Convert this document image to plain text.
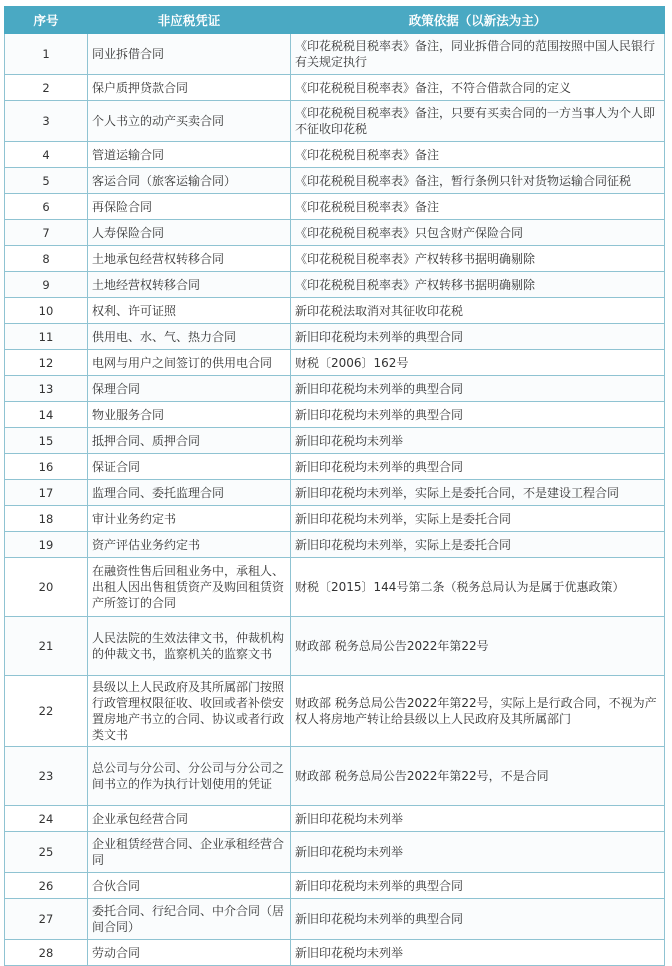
序号	非应税凭证	政策依据（以新法为主）
1	同业拆借合同	《印花税税目税率表》备注，同业拆借合同的范围按照中国人民银行有关规定执行
2	保户质押贷款合同	《印花税税目税率表》备注，不符合借款合同的定义
3	个人书立的动产买卖合同	《印花税税目税率表》备注，只要有买卖合同的一方当事人为个人即不征收印花税
4	管道运输合同	《印花税税目税率表》备注
5	客运合同（旅客运输合同）	《印花税税目税率表》备注，暂行条例只针对货物运输合同征税
6	再保险合同	《印花税税目税率表》备注
7	人寿保险合同	《印花税税目税率表》只包含财产保险合同
8	土地承包经营权转移合同	《印花税税目税率表》产权转移书据明确剔除
9	土地经营权转移合同	《印花税税目税率表》产权转移书据明确剔除
10	权利、许可证照	新印花税法取消对其征收印花税
11	供用电、水、气、热力合同	新旧印花税均未列举的典型合同
12	电网与用户之间签订的供用电合同	财税〔2006〕162号
13	保理合同	新旧印花税均未列举的典型合同
14	物业服务合同	新旧印花税均未列举的典型合同
15	抵押合同、质押合同	新旧印花税均未列举
16	保证合同	新旧印花税均未列举的典型合同
17	监理合同、委托监理合同	新旧印花税均未列举，实际上是委托合同，不是建设工程合同
18	审计业务约定书	新旧印花税均未列举，实际上是委托合同
19	资产评估业务约定书	新旧印花税均未列举，实际上是委托合同
20	在融资性售后回租业务中，承租人、出租人因出售租赁资产及购回租赁资产所签订的合同	财税〔2015〕144号第二条（税务总局认为是属于优惠政策）
21	人民法院的生效法律文书，仲裁机构的仲裁文书，监察机关的监察文书	财政部 税务总局公告2022年第22号
22	县级以上人民政府及其所属部门按照行政管理权限征收、收回或者补偿安置房地产书立的合同、协议或者行政类文书	财政部 税务总局公告2022年第22号，实际上是行政合同，不视为产权人将房地产转让给县级以上人民政府及其所属部门
23	总公司与分公司、分公司与分公司之间书立的作为执行计划使用的凭证	财政部 税务总局公告2022年第22号，不是合同
24	企业承包经营合同	新旧印花税均未列举
25	企业租赁经营合同、企业承租经营合同	新旧印花税均未列举
26	合伙合同	新旧印花税均未列举的典型合同
27	委托合同、行纪合同、中介合同（居间合同）	新旧印花税均未列举的典型合同
28	劳动合同	新旧印花税均未列举
